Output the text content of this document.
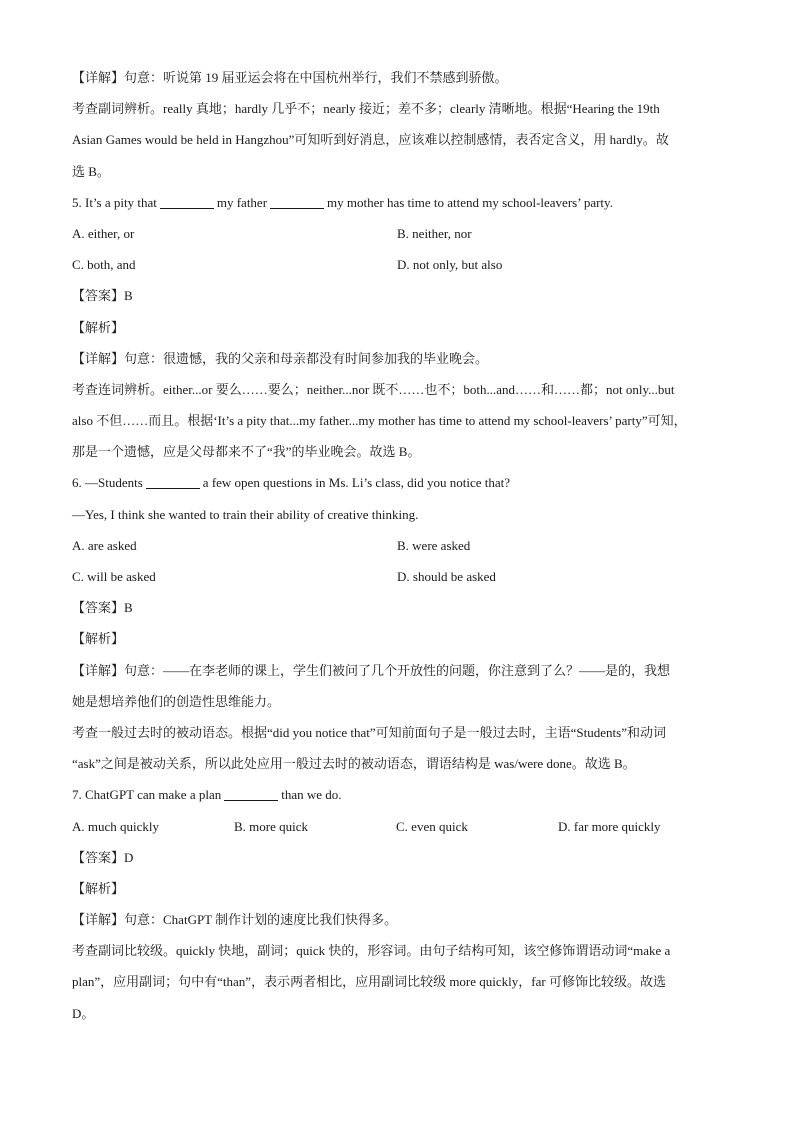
【详解】句意：听说第 19 届亚运会将在中国杭州举行，我们不禁感到骄傲。
考查副词辨析。really 真地；hardly 几乎不；nearly 接近；差不多；clearly 清晰地。根据“Hearing the 19th
Asian Games would be held in Hangzhou”可知听到好消息，应该难以控制感情，表否定含义，用 hardly。故
选 B。
5. It’s a pity that	my father	my mother has time to attend my school-leavers’ party.
A. either, or	B. neither, nor
C. both, and	D. not only, but also
【答案】B
【解析】
【详解】句意：很遗憾，我的父亲和母亲都没有时间参加我的毕业晚会。
考查连词辨析。either...or 要么……要么；neither...nor 既不……也不；both...and……和……都；not only...but
also 不但……而且。根据‘It’s a pity that...my father...my mother has time to attend my school-leavers’ party”可知，
那是一个遗憾，应是父母都来不了“我”的毕业晚会。故选 B。
6. —Students	a few open questions in Ms. Li’s class, did you notice that?
—Yes, I think she wanted to train their ability of creative thinking.
A. are asked	B. were asked
C. will be asked	D. should be asked
【答案】B
【解析】
【详解】句意：——在李老师的课上，学生们被问了几个开放性的问题，你注意到了么？——是的，我想
她是想培养他们的创造性思维能力。
考查一般过去时的被动语态。根据“did you notice that”可知前面句子是一般过去时，主语“Students”和动词
“ask”之间是被动关系，所以此处应用一般过去时的被动语态，谓语结构是 was/were done。故选 B。
7. ChatGPT can make a plan	than we do.
A. much quickly	B. more quick	C. even quick	D. far more quickly
【答案】D
【解析】
【详解】句意：ChatGPT 制作计划的速度比我们快得多。
考查副词比较级。quickly 快地，副词；quick 快的，形容词。由句子结构可知，该空修饰谓语动词“make a
plan”，应用副词；句中有“than”，表示两者相比，应用副词比较级 more quickly，far 可修饰比较级。故选
D。
